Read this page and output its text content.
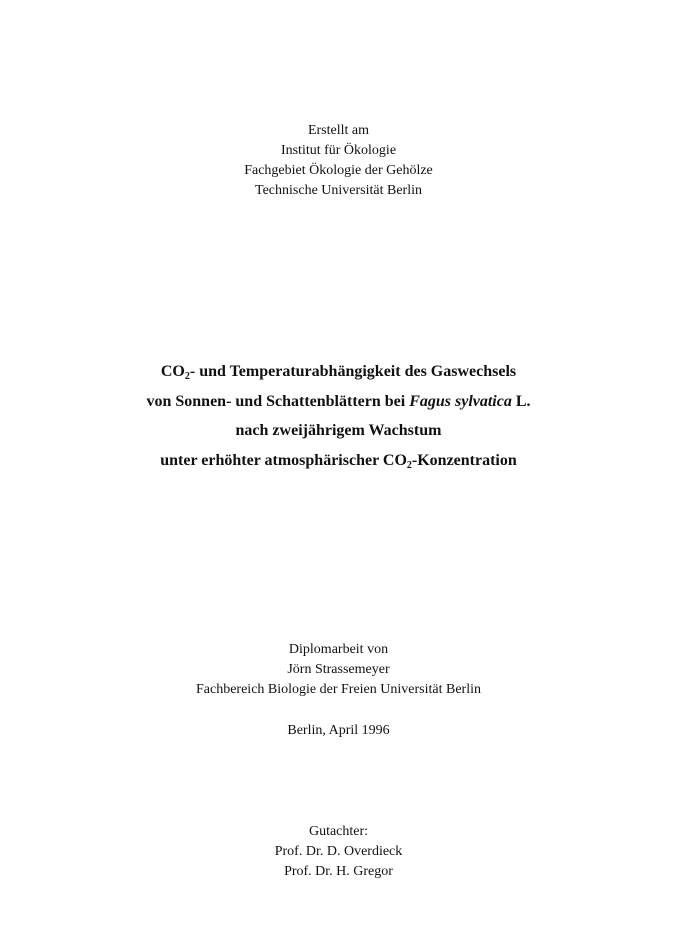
Erstellt am
Institut für Ökologie
Fachgebiet Ökologie der Gehölze
Technische Universität Berlin
$CO_2-$ und Temperaturabhängigkeit des Gaswechsels
von Sonnen- und Schattenblättern bei Fagus sylvatica L.
nach zweijährigem Wachstum
unter erhöhter atmosphärischer $CO_2$-Konzentration
Diplomarbeit von
Jörn Strassemeyer
Fachbereich Biologie der Freien Universität Berlin
Berlin, April 1996
Gutachter:
Prof. Dr. D. Overdieck
Prof. Dr. H. Gregor
